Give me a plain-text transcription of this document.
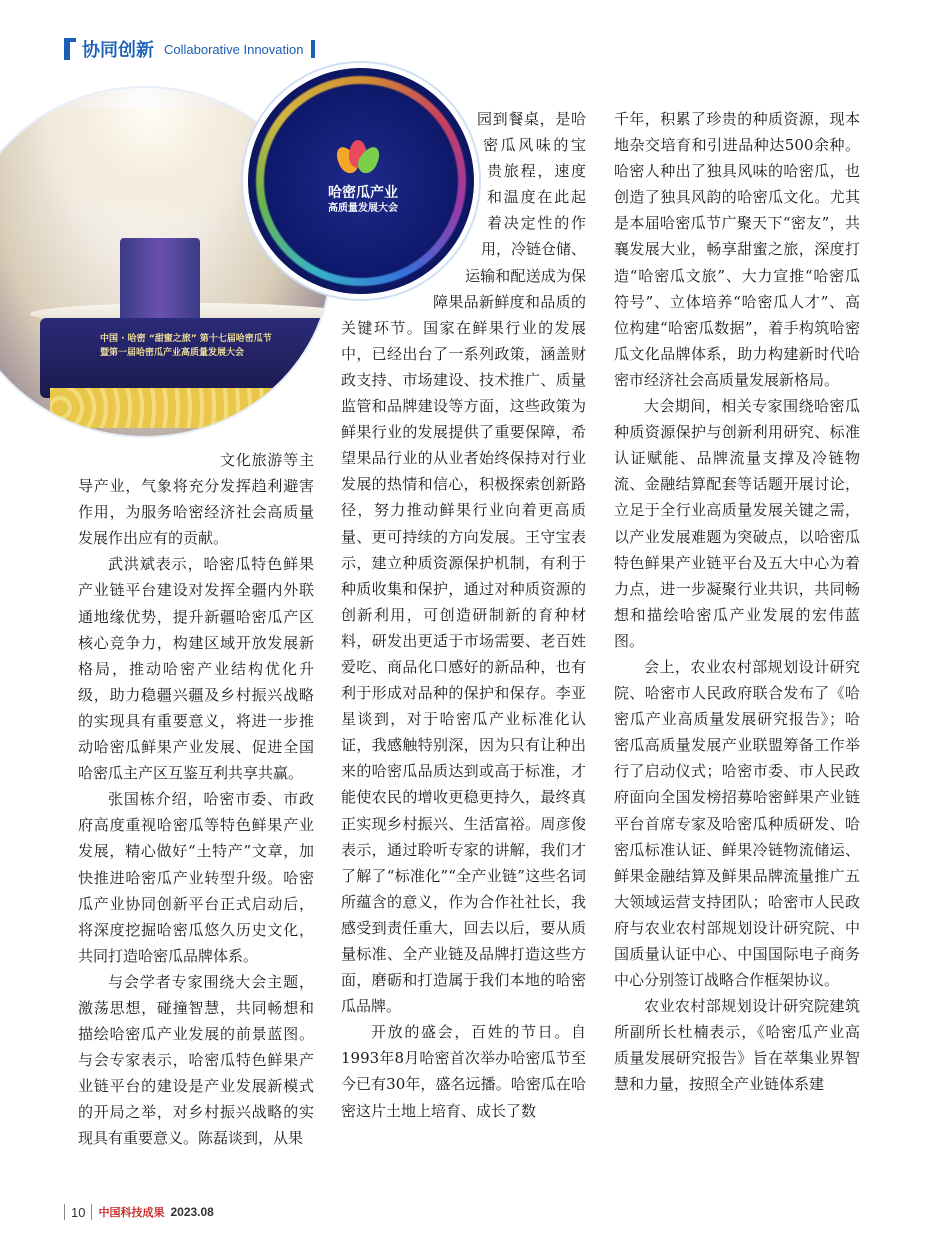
协同创新 Collaborative Innovation
中国 · 哈密 “甜蜜之旅” 第十七届哈密瓜节
暨第一届哈密瓜产业高质量发展大会
哈密瓜产业
高质量发展大会

文化旅游等主导产业，气象将充分发挥趋利避害作用，为服务哈密经济社会高质量发展作出应有的贡献。

武洪斌表示，哈密瓜特色鲜果产业链平台建设对发挥全疆内外联通地缘优势，提升新疆哈密瓜产区核心竞争力，构建区域开放发展新格局，推动哈密产业结构优化升级，助力稳疆兴疆及乡村振兴战略的实现具有重要意义，将进一步推动哈密瓜鲜果产业发展、促进全国哈密瓜主产区互鉴互利共享共赢。

张国栋介绍，哈密市委、市政府高度重视哈密瓜等特色鲜果产业发展，精心做好“土特产”文章，加快推进哈密瓜产业转型升级。哈密瓜产业协同创新平台正式启动后，将深度挖掘哈密瓜悠久历史文化，共同打造哈密瓜品牌体系。

与会学者专家围绕大会主题，激荡思想，碰撞智慧，共同畅想和描绘哈密瓜产业发展的前景蓝图。与会专家表示，哈密瓜特色鲜果产业链平台的建设是产业发展新模式的开局之举，对乡村振兴战略的实现具有重要意义。陈磊谈到，从果

园到餐桌，是哈密瓜风味的宝贵旅程，速度和温度在此起着决定性的作用，冷链仓储、运输和配送成为保障果品新鲜度和品质的关键环节。国家在鲜果行业的发展中，已经出台了一系列政策，涵盖财政支持、市场建设、技术推广、质量监管和品牌建设等方面，这些政策为鲜果行业的发展提供了重要保障，希望果品行业的从业者始终保持对行业发展的热情和信心，积极探索创新路径，努力推动鲜果行业向着更高质量、更可持续的方向发展。王守宝表示，建立种质资源保护机制，有利于种质收集和保护，通过对种质资源的创新利用，可创造研制新的育种材料，研发出更适于市场需要、老百姓爱吃、商品化口感好的新品种，也有利于形成对品种的保护和保存。李亚星谈到，对于哈密瓜产业标准化认证，我感触特别深，因为只有让种出来的哈密瓜品质达到或高于标准，才能使农民的增收更稳更持久，最终真正实现乡村振兴、生活富裕。周彦俊表示，通过聆听专家的讲解，我们才了解了“标准化”“全产业链”这些名词所蕴含的意义，作为合作社社长，我感受到责任重大，回去以后，要从质量标准、全产业链及品牌打造这些方面，磨砺和打造属于我们本地的哈密瓜品牌。

开放的盛会，百姓的节日。自1993年8月哈密首次举办哈密瓜节至今已有30年，盛名远播。哈密瓜在哈密这片土地上培育、成长了数

千年，积累了珍贵的种质资源，现本地杂交培育和引进品种达500余种。哈密人种出了独具风味的哈密瓜，也创造了独具风韵的哈密瓜文化。尤其是本届哈密瓜节广聚天下“密友”，共襄发展大业，畅享甜蜜之旅，深度打造“哈密瓜文旅”、大力宣推“哈密瓜符号”、立体培养“哈密瓜人才”、高位构建“哈密瓜数据”，着手构筑哈密瓜文化品牌体系，助力构建新时代哈密市经济社会高质量发展新格局。

大会期间，相关专家围绕哈密瓜种质资源保护与创新利用研究、标准认证赋能、品牌流量支撑及冷链物流、金融结算配套等话题开展讨论，立足于全行业高质量发展关键之需，以产业发展难题为突破点，以哈密瓜特色鲜果产业链平台及五大中心为着力点，进一步凝聚行业共识，共同畅想和描绘哈密瓜产业发展的宏伟蓝图。

会上，农业农村部规划设计研究院、哈密市人民政府联合发布了《哈密瓜产业高质量发展研究报告》；哈密瓜高质量发展产业联盟筹备工作举行了启动仪式；哈密市委、市人民政府面向全国发榜招募哈密鲜果产业链平台首席专家及哈密瓜种质研发、哈密瓜标准认证、鲜果冷链物流储运、鲜果金融结算及鲜果品牌流量推广五大领域运营支持团队；哈密市人民政府与农业农村部规划设计研究院、中国质量认证中心、中国国际电子商务中心分别签订战略合作框架协议。

农业农村部规划设计研究院建筑所副所长杜楠表示，《哈密瓜产业高质量发展研究报告》旨在萃集业界智慧和力量，按照全产业链体系建

10 中国科技成果 2023.08
